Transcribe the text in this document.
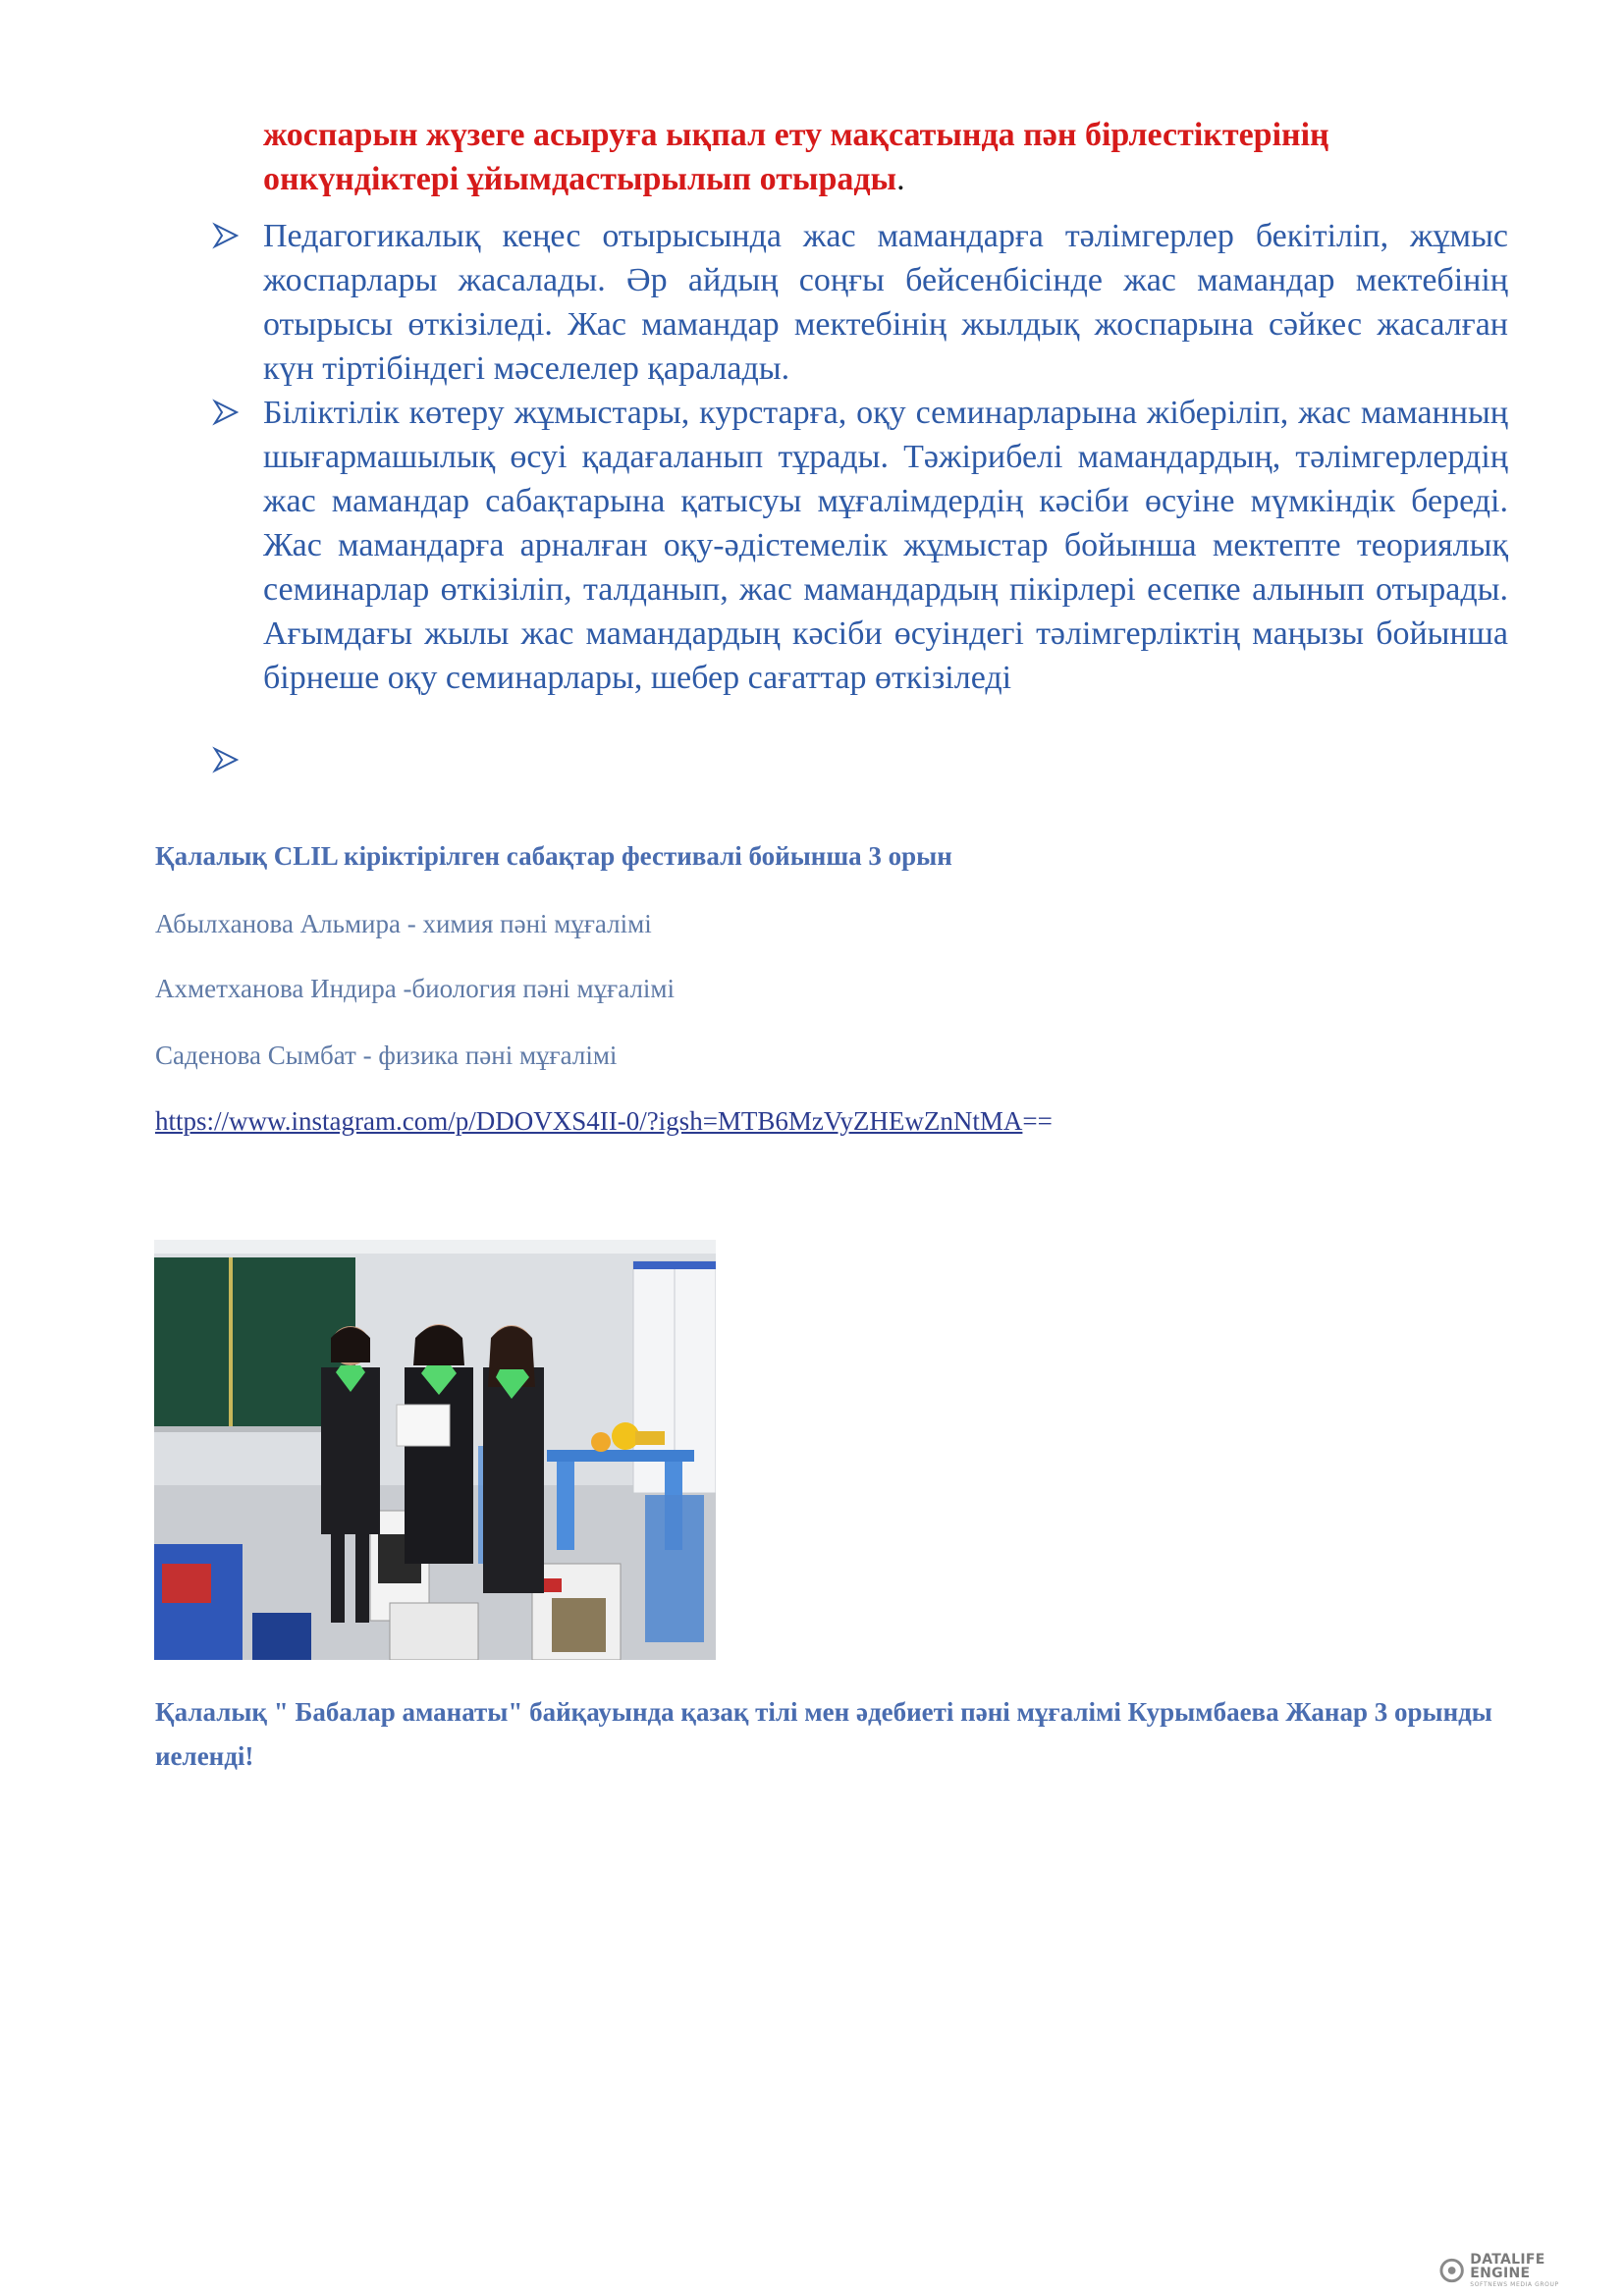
жоспарын жүзеге асыруға ықпал ету мақсатында пән бірлестіктерінің онкүндіктері ұйымдастырылып отырады.

Педагогикалық кеңес отырысында жас мамандарға тәлімгерлер бекітіліп, жұмыс жоспарлары жасалады. Әр айдың соңғы бейсенбісінде жас мамандар мектебінің отырысы өткізіледі. Жас мамандар мектебінің жылдық жоспарына сәйкес жасалған күн тіртібіндегі мәселелер қаралады.
Біліктілік көтеру жұмыстары, курстарға, оқу семинарларына жіберіліп, жас маманның шығармашылық өсуі қадағаланып тұрады. Тәжірибелі мамандардың, тәлімгерлердің жас мамандар сабақтарына қатысуы мұғалімдердің кәсіби өсуіне мүмкіндік береді. Жас мамандарға арналған оқу-әдістемелік жұмыстар бойынша мектепте теориялық семинарлар өткізіліп, талданып, жас мамандардың пікірлері есепке алынып отырады. Ағымдағы жылы жас мамандардың кәсіби өсуіндегі тәлімгерліктің маңызы бойынша бірнеше оқу семинарлары, шебер сағаттар өткізіледі

Қалалық CLIL кіріктірілген сабақтар фестивалі бойынша 3 орын

Абылханова Альмира - химия пәні мұғалімі

Ахметханова Индира -биология пәні мұғалімі

Саденова Сымбат - физика пәні мұғалімі

https://www.instagram.com/p/DDOVXS4II-0/?igsh=MTB6MzVyZHEwZnNtMA==

Қалалық " Бабалар аманаты" байқауында қазақ тілі мен әдебиеті пәні мұғалімі Курымбаева Жанар 3 орынды иеленді!

DATALIFE ENGINE
SOFTNEWS MEDIA GROUP
